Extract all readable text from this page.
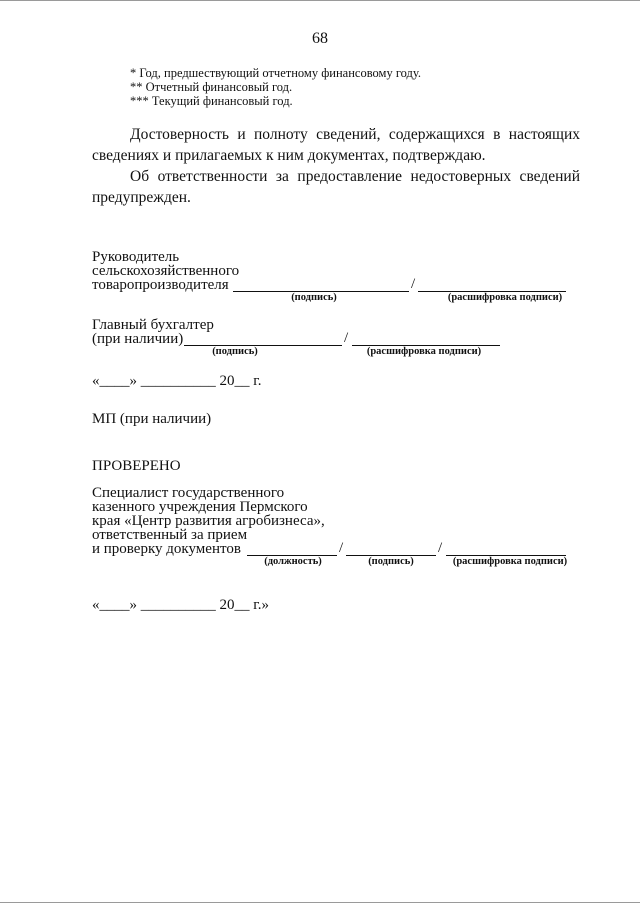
68
* Год, предшествующий отчетному финансовому году.
** Отчетный финансовый год.
*** Текущий финансовый год.
Достоверность и полноту сведений, содержащихся в настоящих сведениях и прилагаемых к ним документах, подтверждаю.
Об ответственности за предоставление недостоверных сведений предупрежден.
Руководитель
сельскохозяйственного
товаропроизводителя	/
(подпись)	(расшифровка подписи)
Главный бухгалтер
(при наличии)	/
(подпись)	(расшифровка подписи)
«____» __________ 20__ г.
МП (при наличии)
ПРОВЕРЕНО
Специалист государственного
казенного учреждения Пермского
края «Центр развития агробизнеса»,
ответственный за прием
и проверку документов	/	/
(должность)	(подпись)	(расшифровка подписи)
«____» __________ 20__ г.»
